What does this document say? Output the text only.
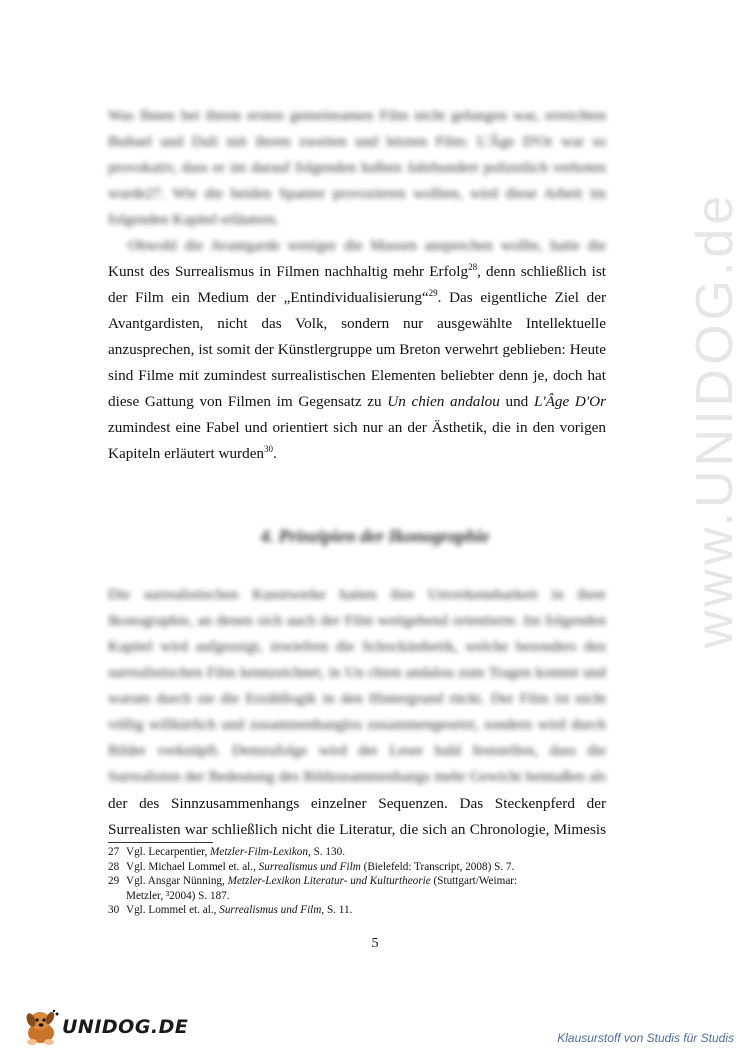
www.UNIDOG.de
Was Ihnen bei ihrem ersten gemeinsamen Film nicht gelungen war, erreichten
Buñuel und Dalí mit ihrem zweiten und letzten Film: L'Âge D'Or war so
provokativ, dass er im darauf folgenden halben Jahrhundert polizeilich verboten
wurde27. Wie die beiden Spanier provozieren wollten, wird diese Arbeit im
folgenden Kapitel erläutern.
Obwohl die Avantgarde weniger die Massen ansprechen wollte, hatte die
Kunst des Surrealismus in Filmen nachhaltig mehr Erfolg$^{28}$, denn schließlich ist
der Film ein Medium der „Entindividualisierung“$^{29}$. Das eigentliche Ziel der
Avantgardisten, nicht das Volk, sondern nur ausgewählte Intellektuelle
anzusprechen, ist somit der Künstlergruppe um Breton verwehrt geblieben: Heute
sind Filme mit zumindest surrealistischen Elementen beliebter denn je, doch hat
diese Gattung von Filmen im Gegensatz zu Un chien andalou und L'Âge D'Or
zumindest eine Fabel und orientiert sich nur an der Ästhetik, die in den vorigen
Kapiteln erläutert wurden$^{30}$.
4. Prinzipien der Ikonographie
Die surrealistischen Kunstwerke hatten ihre Unverkennbarkeit in ihrer
Ikonographie, an denen sich auch der Film weitgehend orientierte. Im folgenden
Kapitel wird aufgezeigt, inwiefern die Schockästhetik, welche besonders den
surrealistischen Film kennzeichnet, in Un chien andalou zum Tragen kommt und
warum durch sie die Erzähllogik in den Hintergrund rückt. Der Film ist nicht
völlig willkürlich und zusammenhanglos zusammengesetzt, sondern wird durch
Bilder verknüpft. Demzufolge wird der Leser bald feststellen, dass die
Surrealisten der Bedeutung des Bildzusammenhangs mehr Gewicht beimaßen als
der des Sinnzusammenhangs einzelner Sequenzen. Das Steckenpferd der
Surrealisten war schließlich nicht die Literatur, die sich an Chronologie, Mimesis
27 Vgl. Lecarpentier, Metzler-Film-Lexikon, S. 130.
28 Vgl. Michael Lommel et. al., Surrealismus und Film (Bielefeld: Transcript, 2008) S. 7.
29 Vgl. Ansgar Nünning, Metzler-Lexikon Literatur- und Kulturtheorie (Stuttgart/Weimar:
Metzler, ³2004) S. 187.
30 Vgl. Lommel et. al., Surrealismus und Film, S. 11.
5
UNIDOG.DE	Klausurstoff von Studis für Studis
